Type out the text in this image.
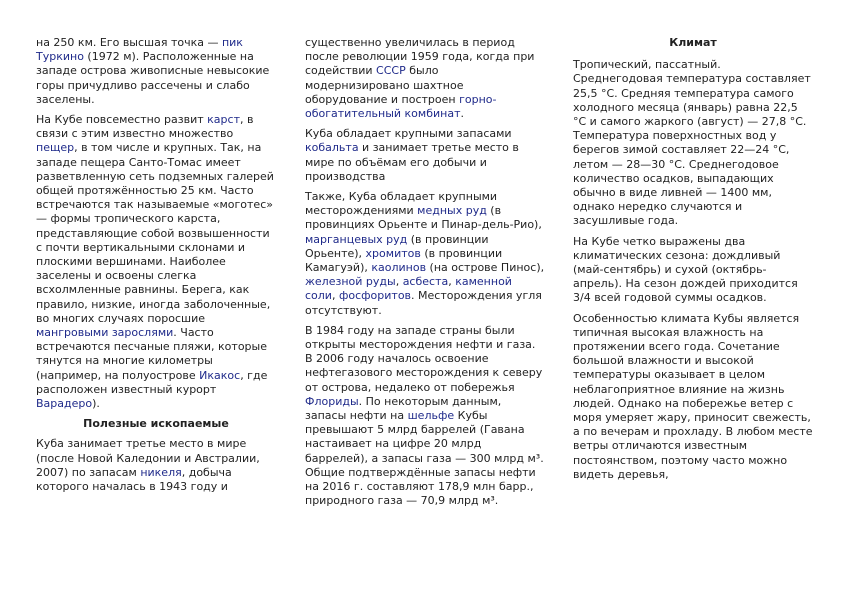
на 250 км. Его высшая точка — пик Туркино (1972 м). Расположенные на западе острова живописные невысокие горы причудливо рассечены и слабо заселены.

На Кубе повсеместно развит карст, в связи с этим известно множество пещер, в том числе и крупных. Так, на западе пещера Санто-Томас имеет разветвленную сеть подземных галерей общей протяжённостью 25 км. Часто встречаются так называемые «моготес» — формы тропического карста, представляющие собой возвышенности с почти вертикальными склонами и плоскими вершинами. Наиболее заселены и освоены слегка всхолмленные равнины. Берега, как правило, низкие, иногда заболоченные, во многих случаях поросшие мангровыми зарослями. Часто встречаются песчаные пляжи, которые тянутся на многие километры (например, на полуострове Икакос, где расположен известный курорт Варадеро).

Полезные ископаемые

Куба занимает третье место в мире (после Новой Каледонии и Австралии, 2007) по запасам никеля, добыча которого началась в 1943 году и

существенно увеличилась в период после революции 1959 года, когда при содействии СССР было модернизировано шахтное оборудование и построен горно-обогатительный комбинат.

Куба обладает крупными запасами кобальта и занимает третье место в мире по объёмам его добычи и производства

Также, Куба обладает крупными месторождениями медных руд (в провинциях Орьенте и Пинар-дель-Рио), марганцевых руд (в провинции Орьенте), хромитов (в провинции Камагуэй), каолинов (на острове Пинос), железной руды, асбеста, каменной соли, фосфоритов. Месторождения угля отсутствуют.

В 1984 году на западе страны были открыты месторождения нефти и газа. В 2006 году началось освоение нефтегазового месторождения к северу от острова, недалеко от побережья Флориды. По некоторым данным, запасы нефти на шельфе Кубы превышают 5 млрд баррелей (Гавана настаивает на цифре 20 млрд баррелей), а запасы газа — 300 млрд м³. Общие подтверждённые запасы нефти на 2016 г. составляют 178,9 млн барр., природного газа — 70,9 млрд м³.

Климат

Тропический, пассатный. Среднегодовая температура составляет 25,5 °С. Средняя температура самого холодного месяца (январь) равна 22,5 °С и самого жаркого (август) — 27,8 °С. Температура поверхностных вод у берегов зимой составляет 22—24 °С, летом — 28—30 °С. Среднегодовое количество осадков, выпадающих обычно в виде ливней — 1400 мм, однако нередко случаются и засушливые года.

На Кубе четко выражены два климатических сезона: дождливый (май-сентябрь) и сухой (октябрь-апрель). На сезон дождей приходится 3/4 всей годовой суммы осадков.

Особенностью климата Кубы является типичная высокая влажность на протяжении всего года. Сочетание большой влажности и высокой температуры оказывает в целом неблагоприятное влияние на жизнь людей. Однако на побережье ветер с моря умеряет жару, приносит свежесть, а по вечерам и прохладу. В любом месте ветры отличаются известным постоянством, поэтому часто можно видеть деревья,
